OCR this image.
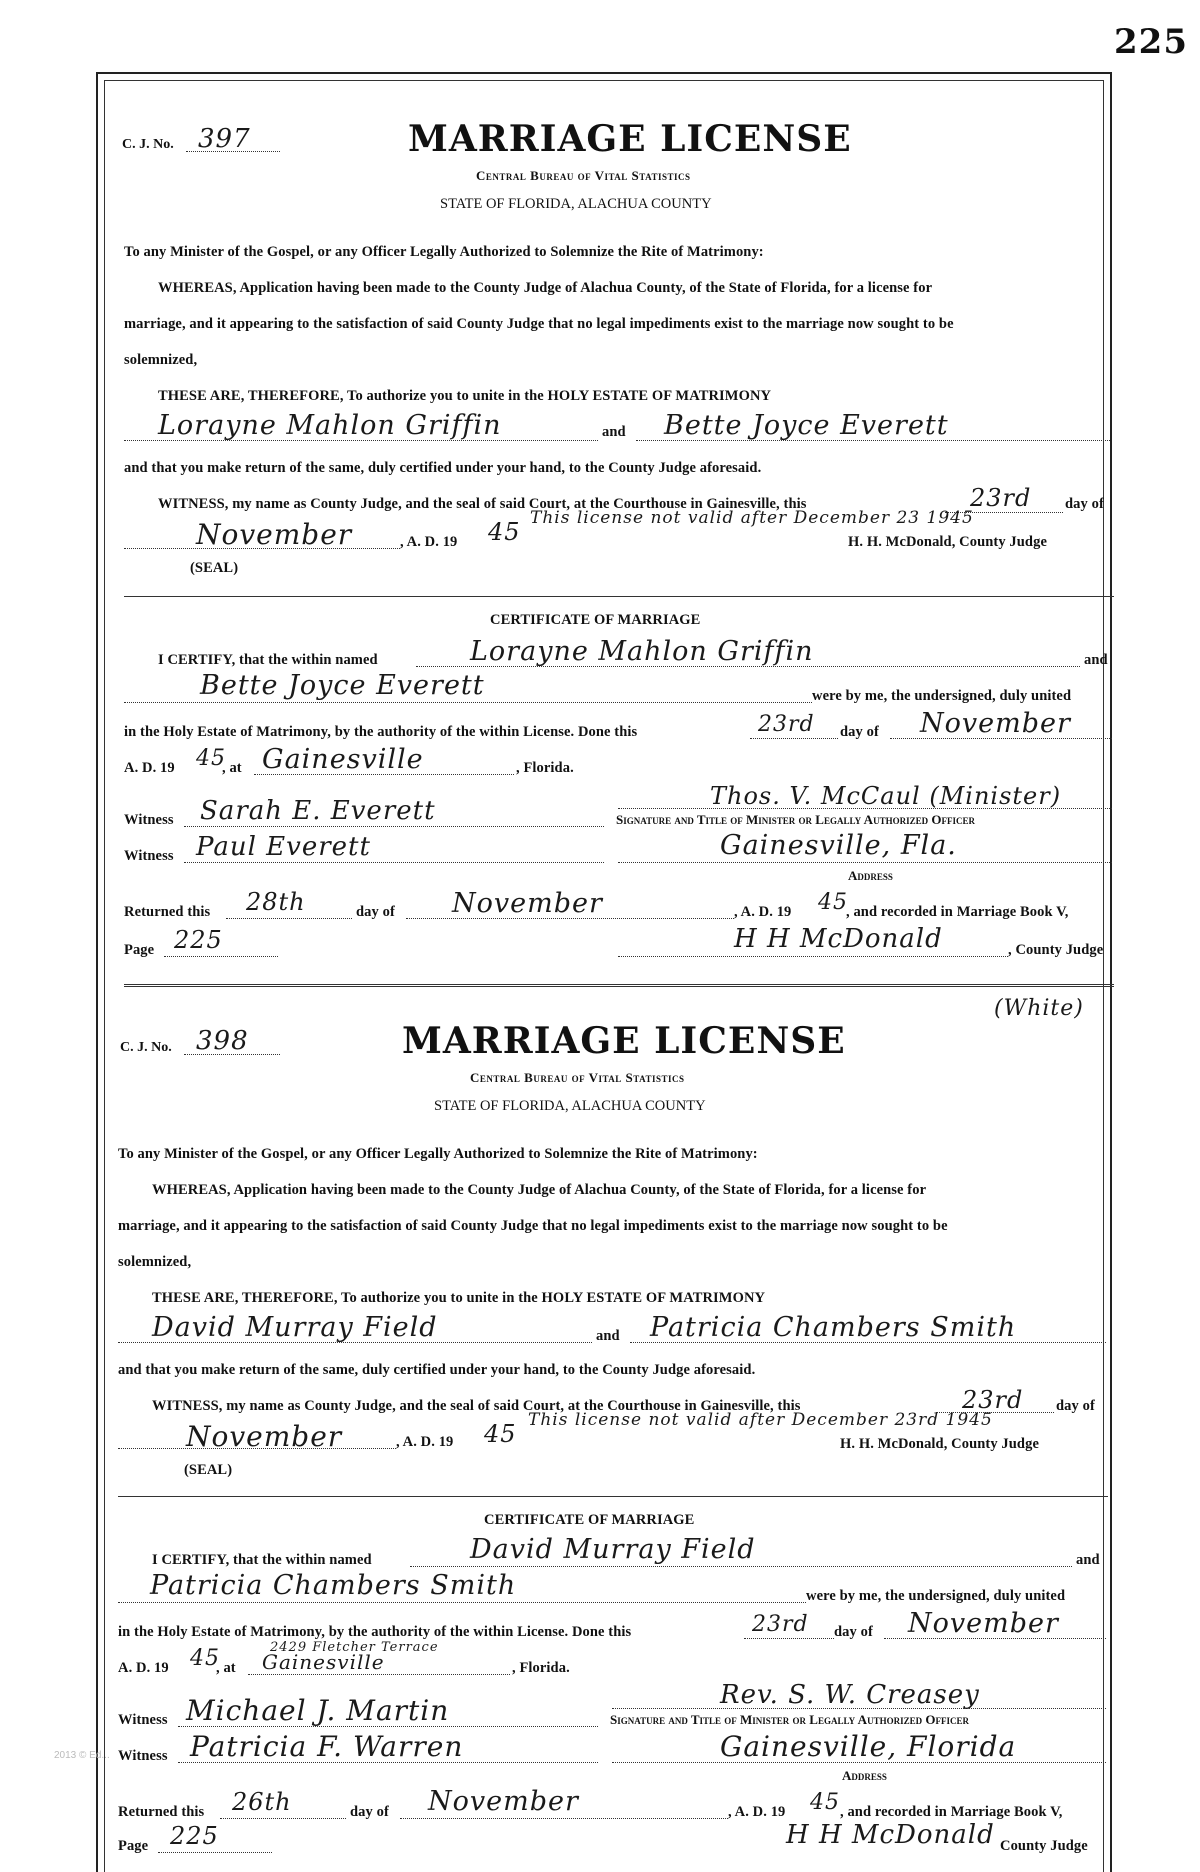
225
C. J. No. 397	MARRIAGE LICENSE
Central Bureau of Vital Statistics
STATE OF FLORIDA, ALACHUA COUNTY
To any Minister of the Gospel, or any Officer Legally Authorized to Solemnize the Rite of Matrimony:
WHEREAS, Application having been made to the County Judge of Alachua County, of the State of Florida, for a license for
marriage, and it appearing to the satisfaction of said County Judge that no legal impediments exist to the marriage now sought to be
solemnized,
THESE ARE, THEREFORE, To authorize you to unite in the HOLY ESTATE OF MATRIMONY
Lorayne Mahlon Griffin	and Bette Joyce Everett
and that you make return of the same, duly certified under your hand, to the County Judge aforesaid.
WITNESS, my name as County Judge, and the seal of said Court, at the Courthouse in Gainesville, this	23rd day of
November	, A. D. 19 45 This license not valid after December 23 1945
H. H. McDonald, County Judge
(SEAL)
CERTIFICATE OF MARRIAGE
I CERTIFY, that the within named	Lorayne Mahlon Griffin	and
Bette Joyce Everett	were by me, the undersigned, duly united
in the Holy Estate of Matrimony, by the authority of the within License. Done this	23rd day of November
A. D. 19 45
, at Gainesville	, Florida.
Thos. V. McCaul (Minister)
Witness Sarah E. Everett	Signature and Title of Minister or Legally Authorized Officer
Witness Paul Everett	Gainesville, Fla.
Address
Returned this 28th	day of November	, A. D. 19 45
, and recorded in Marriage Book V,
Page 225	H H McDonald	, County Judge
(White)
C. J. No. 398	MARRIAGE LICENSE
Central Bureau of Vital Statistics
STATE OF FLORIDA, ALACHUA COUNTY
To any Minister of the Gospel, or any Officer Legally Authorized to Solemnize the Rite of Matrimony:
WHEREAS, Application having been made to the County Judge of Alachua County, of the State of Florida, for a license for
marriage, and it appearing to the satisfaction of said County Judge that no legal impediments exist to the marriage now sought to be
solemnized,
THESE ARE, THEREFORE, To authorize you to unite in the HOLY ESTATE OF MATRIMONY
David Murray Field	and Patricia Chambers Smith
and that you make return of the same, duly certified under your hand, to the County Judge aforesaid.
WITNESS, my name as County Judge, and the seal of said Court, at the Courthouse in Gainesville, this	23rd day of
November	, A. D. 19 45 This license not valid after December 23rd 1945
H. H. McDonald, County Judge
(SEAL)
CERTIFICATE OF MARRIAGE
I CERTIFY, that the within named	David Murray Field	and
Patricia Chambers Smith	were by me, the undersigned, duly united
in the Holy Estate of Matrimony, by the authority of the within License. Done this	23rd day of November
2429 Fletcher Terrace
A. D. 19 45
, at Gainesville	, Florida.
Rev. S. W. Creasey
Witness Michael J. Martin	Signature and Title of Minister or Legally Authorized Officer
Witness Patricia F. Warren	Gainesville, Florida
Address
Returned this 26th	day of November	, A. D. 19 45 , and recorded in Marriage Book V,
Page 225	H H McDonald County Judge
2013 © Ed...
